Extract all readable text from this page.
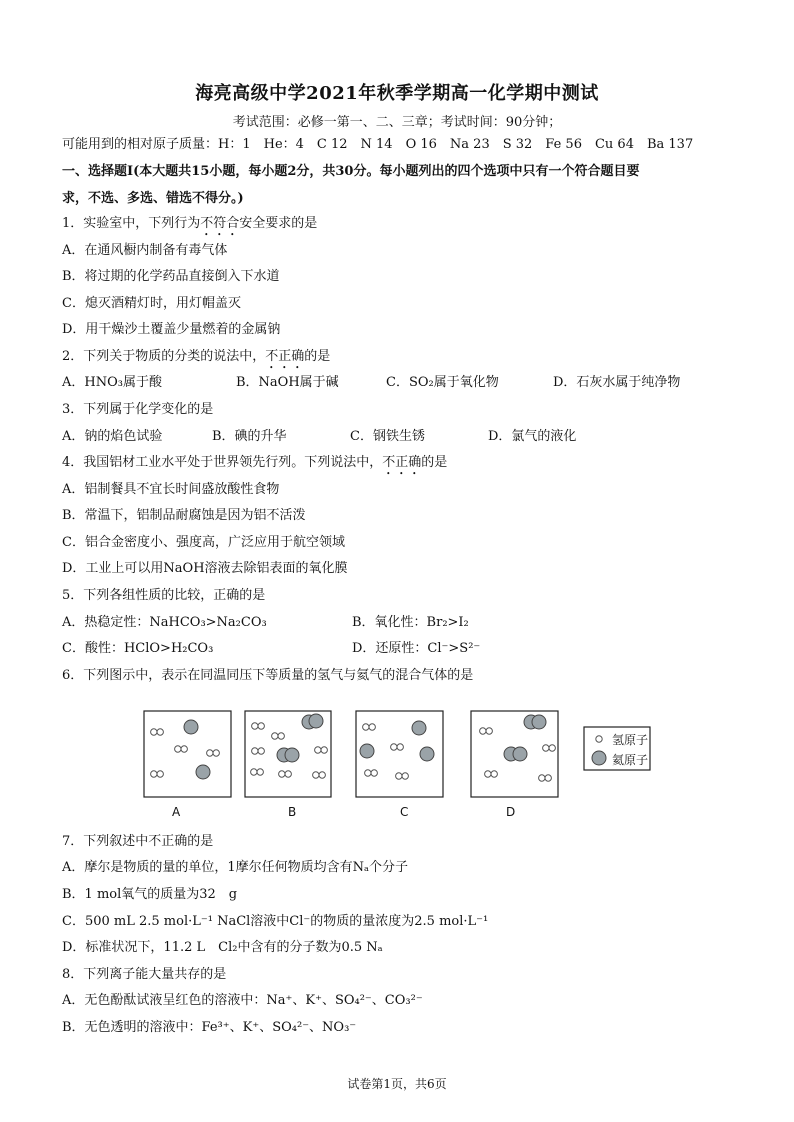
海亮高级中学2021年秋季学期高一化学期中测试
考试范围：必修一第一、二、三章；考试时间：90分钟；
可能用到的相对原子质量：H：1　He：4　C 12　N 14　O 16　Na 23　S 32　Fe 56　Cu 64　Ba 137
一、选择题Ⅰ(本大题共15小题，每小题2分，共30分。每小题列出的四个选项中只有一个符合题目要
求，不选、多选、错选不得分。)
1．实验室中，下列行为不符合安全要求的是
A．在通风橱内制备有毒气体
B．将过期的化学药品直接倒入下水道
C．熄灭酒精灯时，用灯帽盖灭
D．用干燥沙土覆盖少量燃着的金属钠
2．下列关于物质的分类的说法中，不正确的是
A．HNO₃属于酸	B．NaOH属于碱	C．SO₂属于氧化物	D．石灰水属于纯净物
3．下列属于化学变化的是
A．钠的焰色试验	B．碘的升华	C．钢铁生锈	D．氯气的液化
4．我国铝材工业水平处于世界领先行列。下列说法中，不正确的是
A．铝制餐具不宜长时间盛放酸性食物
B．常温下，铝制品耐腐蚀是因为铝不活泼
C．铝合金密度小、强度高，广泛应用于航空领域
D．工业上可以用NaOH溶液去除铝表面的氧化膜
5．下列各组性质的比较，正确的是
A．热稳定性：NaHCO₃>Na₂CO₃	B．氧化性：Br₂>I₂
C．酸性：HClO>H₂CO₃	D．还原性：Cl⁻>S²⁻
6．下列图示中，表示在同温同压下等质量的氢气与氦气的混合气体的是
氢原子
氦原子
A	B	C	D
7．下列叙述中不正确的是
A．摩尔是物质的量的单位，1摩尔任何物质均含有Nₐ个分子
B．1 mol氧气的质量为32　g
C．500 mL 2.5 mol·L⁻¹ NaCl溶液中Cl⁻的物质的量浓度为2.5 mol·L⁻¹
D．标准状况下，11.2 L　Cl₂中含有的分子数为0.5 Nₐ
8．下列离子能大量共存的是
A．无色酚酞试液呈红色的溶液中：Na⁺、K⁺、SO₄²⁻、CO₃²⁻
B．无色透明的溶液中：Fe³⁺、K⁺、SO₄²⁻、NO₃⁻
试卷第1页，共6页
